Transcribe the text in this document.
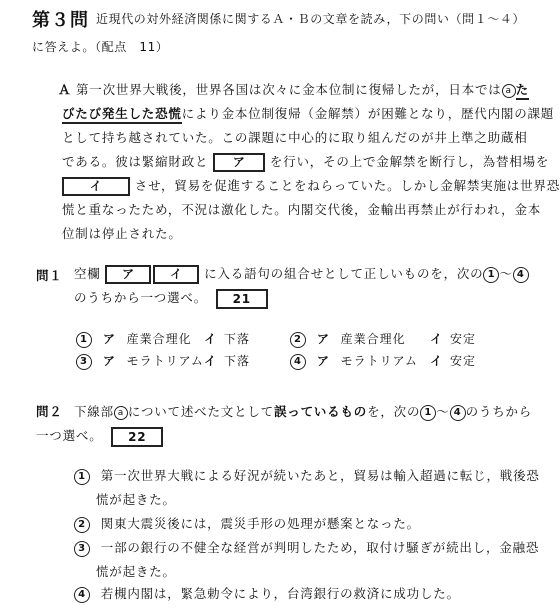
第３問 近現代の対外経済関係に関するＡ・Ｂの文章を読み，下の問い（問１〜４）
に答えよ。（配点　11）
Ａ 第一次世界大戦後，世界各国は次々に金本位制に復帰したが，日本では a た
びたび発生した恐慌により金本位制復帰（金解禁）が困難となり，歴代内閣の課題
として持ち越されていた。この課題に中心的に取り組んだのが井上準之助蔵相
である。彼は緊縮財政と ア を行い，その上で金解禁を断行し，為替相場を
イ	させ，貿易を促進することをねらっていた。しかし金解禁実施は世界恐
慌と重なったため，不況は激化した。内閣交代後，金輸出再禁止が行われ，金本
位制は停止された。
問１ 空欄 ア	イ に入る語句の組合せとして正しいものを，次の 1 〜 4
のうちから一つ選べ。 21
1 ア 産業合理化 イ 下落	2 ア 産業合理化 イ 安定
3 ア モラトリアム イ 下落	4 ア モラトリアム イ 安定
問２ 下線部 a について述べた文として誤っているものを，次の 1 〜 4 のうちから
一つ選べ。 22
1 第一次世界大戦による好況が続いたあと，貿易は輸入超過に転じ，戦後恐
慌が起きた。
2 関東大震災後には，震災手形の処理が懸案となった。
3 一部の銀行の不健全な経営が判明したため，取付け騒ぎが続出し，金融恐
慌が起きた。
4 若槻内閣は，緊急勅令により，台湾銀行の救済に成功した。
